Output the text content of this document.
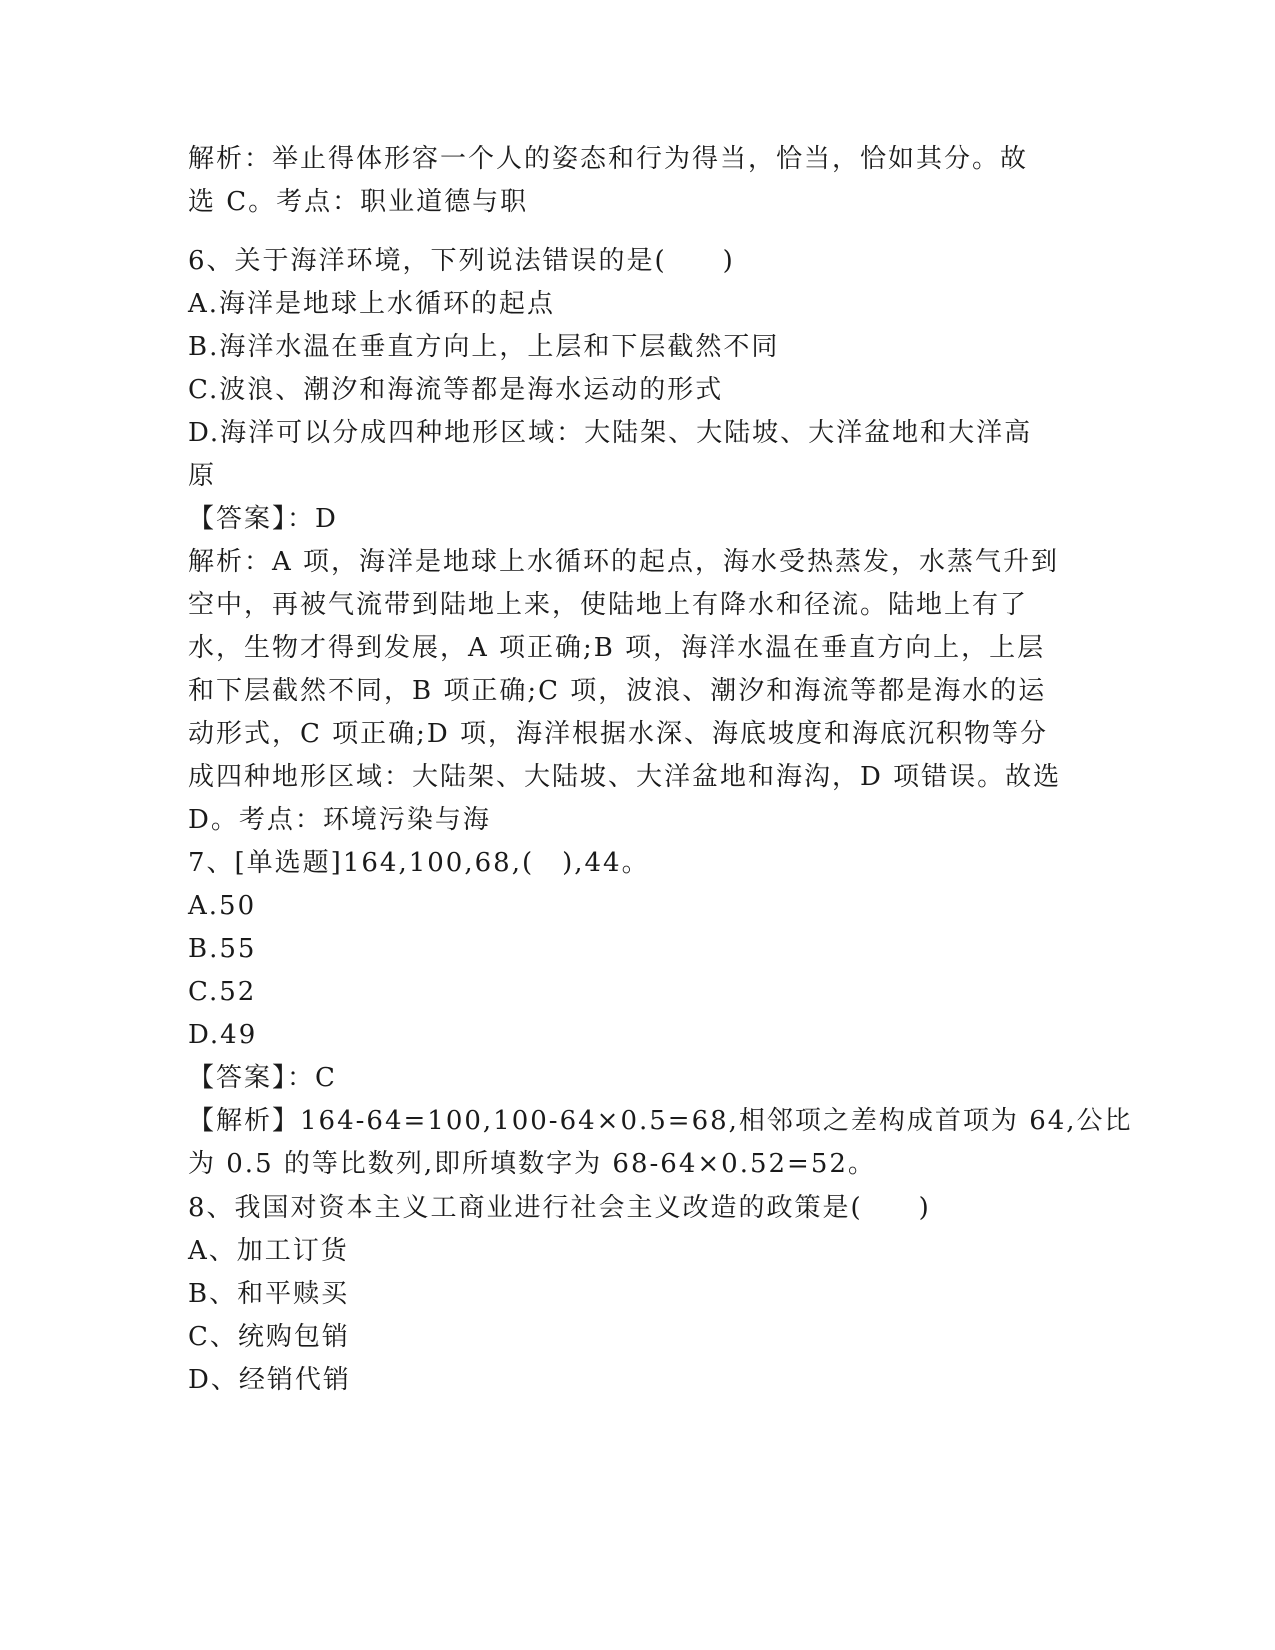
解析：举止得体形容一个人的姿态和行为得当，恰当，恰如其分。故
选 C。考点：职业道德与职
6、关于海洋环境，下列说法错误的是(　　)
A.海洋是地球上水循环的起点
B.海洋水温在垂直方向上，上层和下层截然不同
C.波浪、潮汐和海流等都是海水运动的形式
D.海洋可以分成四种地形区域：大陆架、大陆坡、大洋盆地和大洋高
原
【答案】：D
解析：A 项，海洋是地球上水循环的起点，海水受热蒸发，水蒸气升到
空中，再被气流带到陆地上来，使陆地上有降水和径流。陆地上有了
水，生物才得到发展，A 项正确;B 项，海洋水温在垂直方向上，上层
和下层截然不同，B 项正确;C 项，波浪、潮汐和海流等都是海水的运
动形式，C 项正确;D 项，海洋根据水深、海底坡度和海底沉积物等分
成四种地形区域：大陆架、大陆坡、大洋盆地和海沟，D 项错误。故选
D。考点：环境污染与海
7、[单选题]164,100,68,(　),44。
A.50
B.55
C.52
D.49
【答案】：C
【解析】164-64=100,100-64×0.5=68,相邻项之差构成首项为 64,公比
为 0.5 的等比数列,即所填数字为 68-64×0.52=52。
8、我国对资本主义工商业进行社会主义改造的政策是(　　)
A、加工订货
B、和平赎买
C、统购包销
D、经销代销
